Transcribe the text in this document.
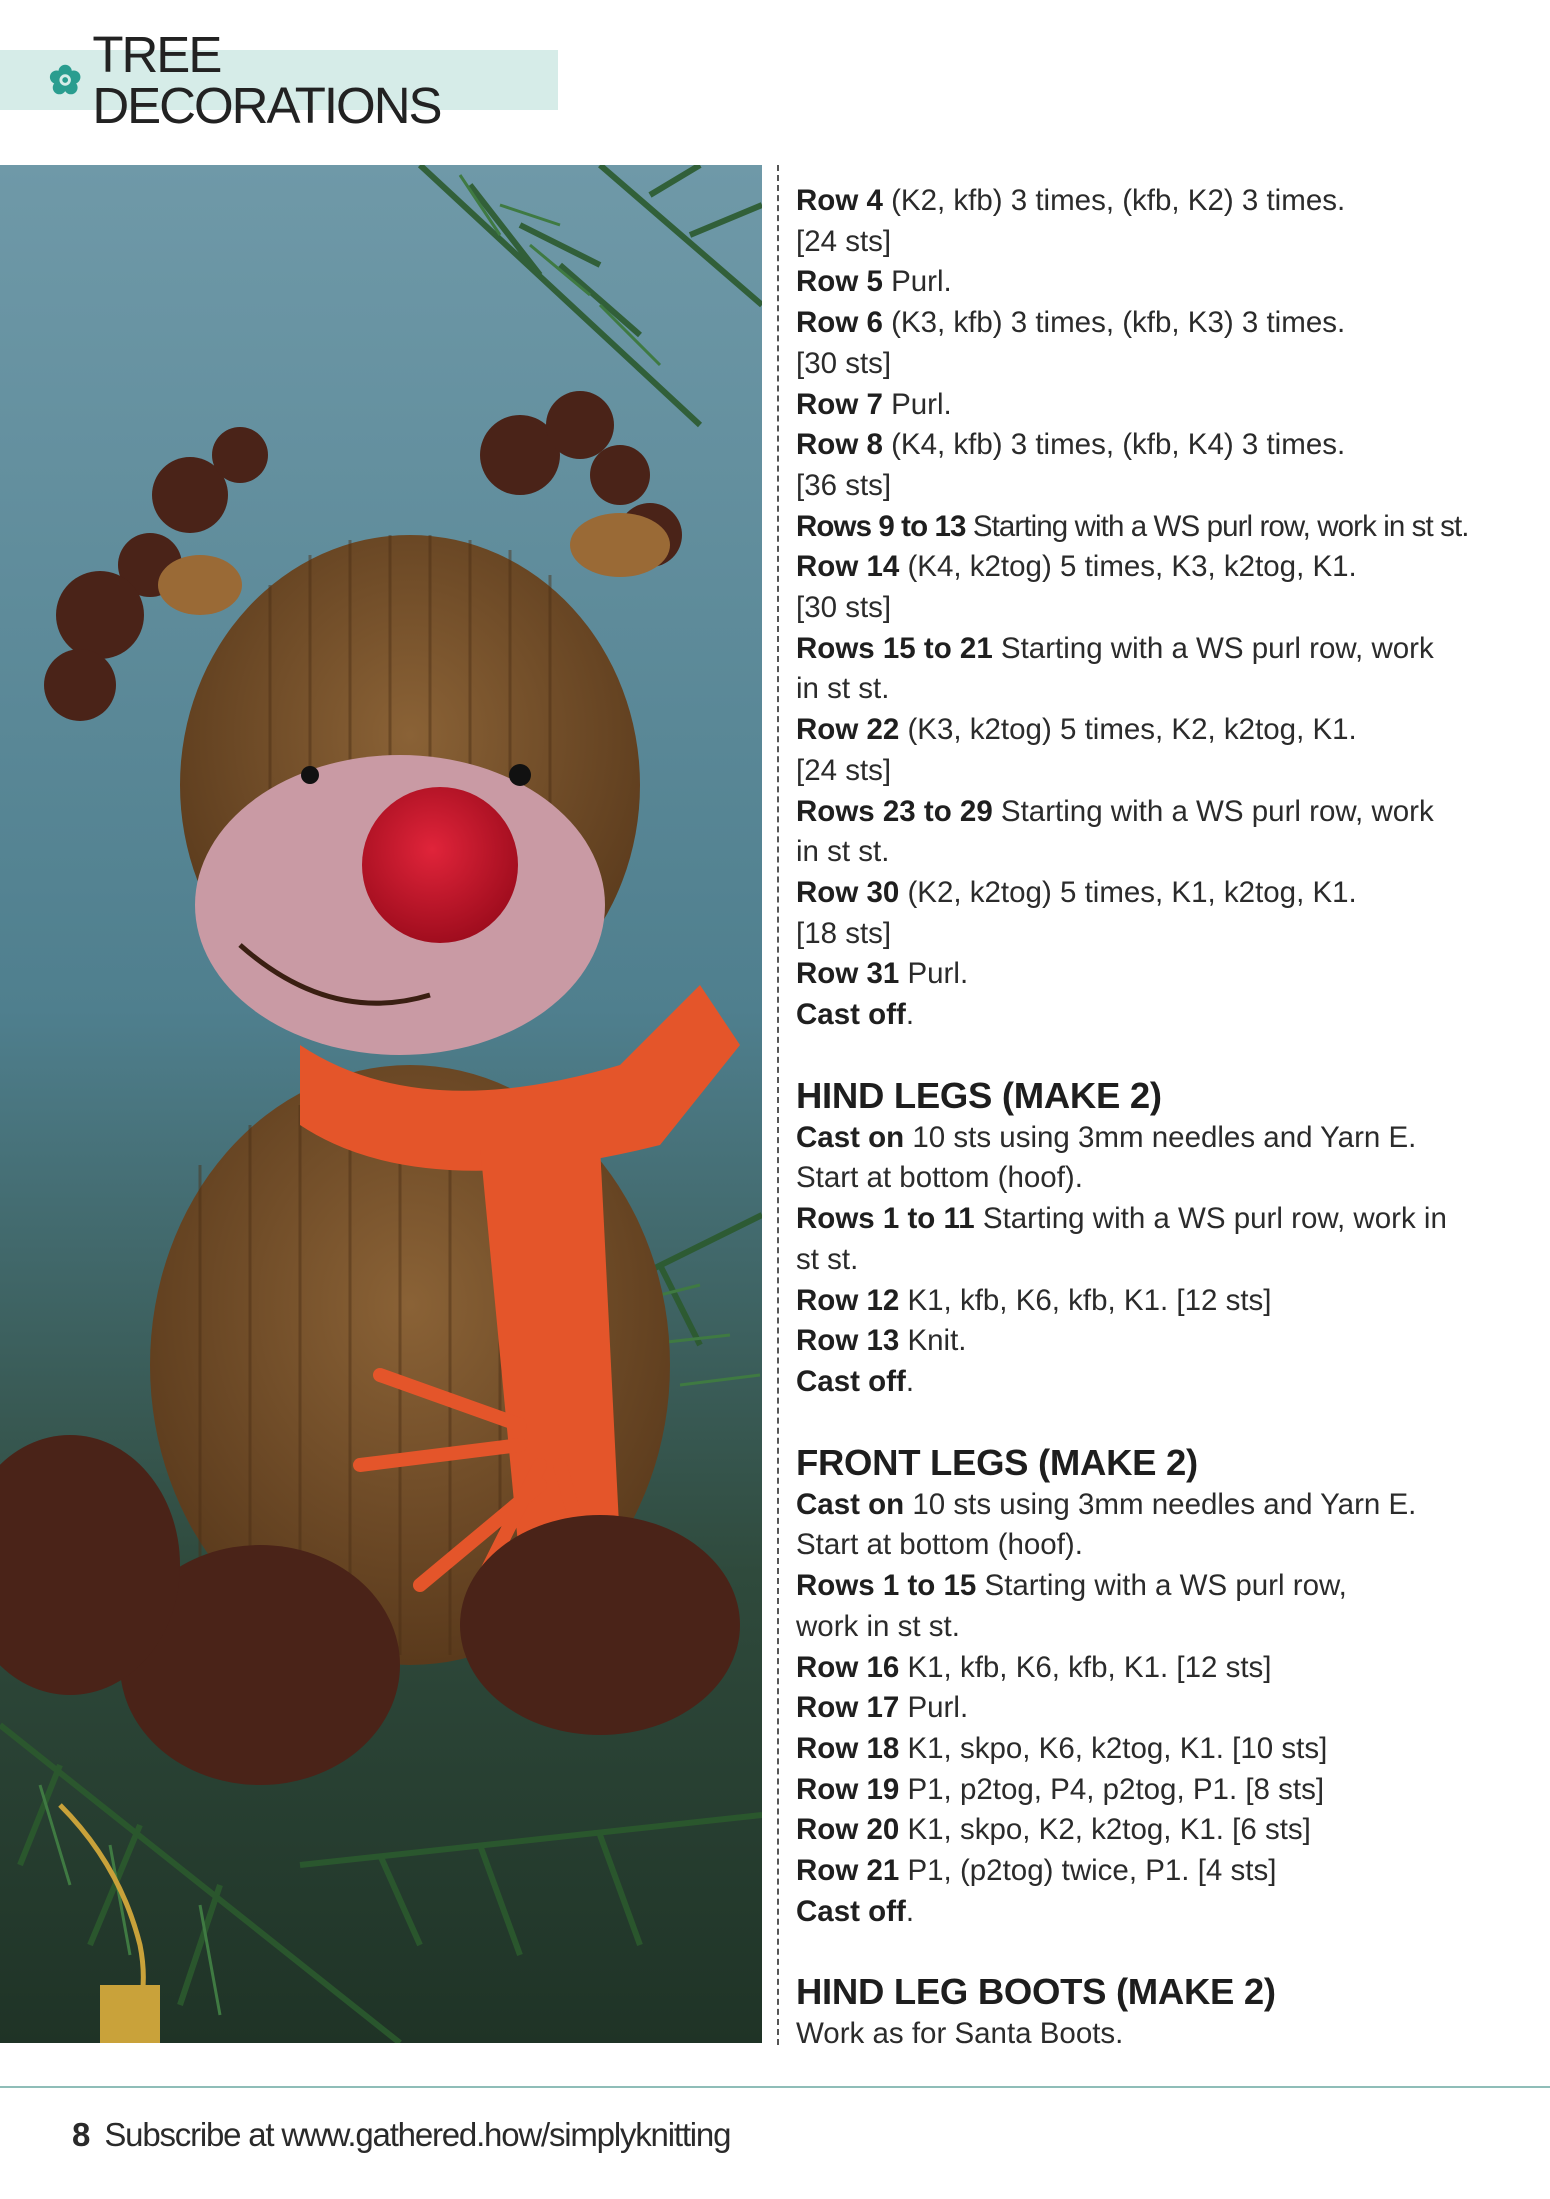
TREE DECORATIONS
Row 4 (K2, kfb) 3 times, (kfb, K2) 3 times.
[24 sts]
Row 5 Purl.
Row 6 (K3, kfb) 3 times, (kfb, K3) 3 times.
[30 sts]
Row 7 Purl.
Row 8 (K4, kfb) 3 times, (kfb, K4) 3 times.
[36 sts]
Rows 9 to 13 Starting with a WS purl row, work in st st.
Row 14 (K4, k2tog) 5 times, K3, k2tog, K1.
[30 sts]
Rows 15 to 21 Starting with a WS purl row, work
in st st.
Row 22 (K3, k2tog) 5 times, K2, k2tog, K1.
[24 sts]
Rows 23 to 29 Starting with a WS purl row, work
in st st.
Row 30 (K2, k2tog) 5 times, K1, k2tog, K1.
[18 sts]
Row 31 Purl.
Cast off.
HIND LEGS (MAKE 2)
Cast on 10 sts using 3mm needles and Yarn E.
Start at bottom (hoof).
Rows 1 to 11 Starting with a WS purl row, work in
st st.
Row 12 K1, kfb, K6, kfb, K1. [12 sts]
Row 13 Knit.
Cast off.
FRONT LEGS (MAKE 2)
Cast on 10 sts using 3mm needles and Yarn E.
Start at bottom (hoof).
Rows 1 to 15 Starting with a WS purl row,
work in st st.
Row 16 K1, kfb, K6, kfb, K1. [12 sts]
Row 17 Purl.
Row 18 K1, skpo, K6, k2tog, K1. [10 sts]
Row 19 P1, p2tog, P4, p2tog, P1. [8 sts]
Row 20 K1, skpo, K2, k2tog, K1. [6 sts]
Row 21 P1, (p2tog) twice, P1. [4 sts]
Cast off.
HIND LEG BOOTS (MAKE 2)
Work as for Santa Boots.
8 Subscribe at www.gathered.how/simplyknitting
